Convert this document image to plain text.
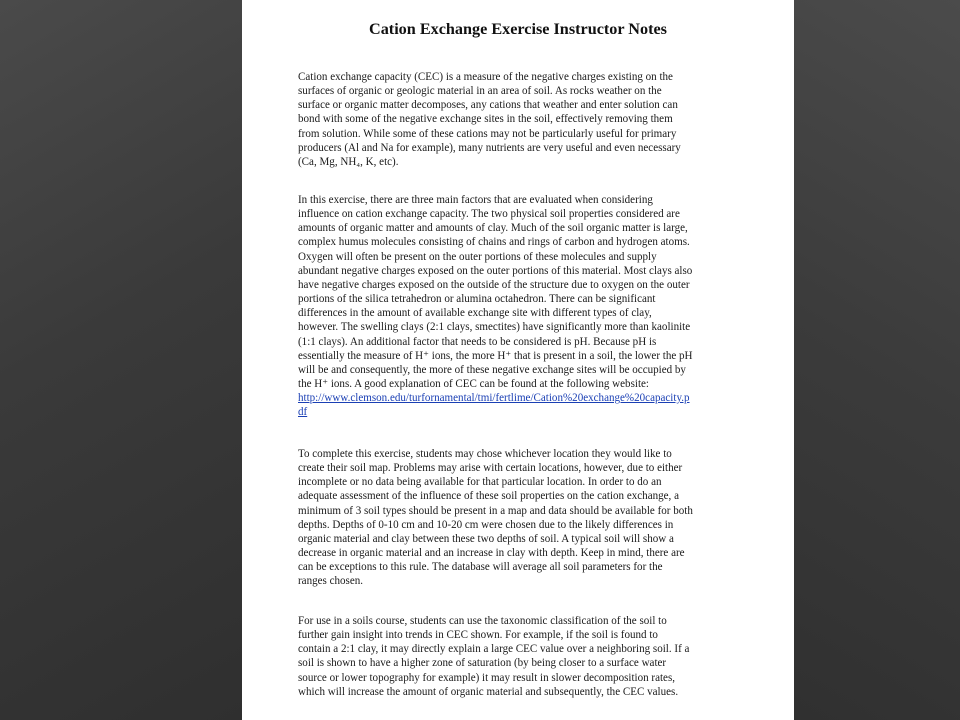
Cation Exchange Exercise Instructor Notes
Cation exchange capacity (CEC) is a measure of the negative charges existing on the
surfaces of organic or geologic material in an area of soil. As rocks weather on the
surface or organic matter decomposes, any cations that weather and enter solution can
bond with some of the negative exchange sites in the soil, effectively removing them
from solution. While some of these cations may not be particularly useful for primary
producers (Al and Na for example), many nutrients are very useful and even necessary
(Ca, Mg, NH₄, K, etc).
In this exercise, there are three main factors that are evaluated when considering
influence on cation exchange capacity. The two physical soil properties considered are
amounts of organic matter and amounts of clay. Much of the soil organic matter is large,
complex humus molecules consisting of chains and rings of carbon and hydrogen atoms.
Oxygen will often be present on the outer portions of these molecules and supply
abundant negative charges exposed on the outer portions of this material. Most clays also
have negative charges exposed on the outside of the structure due to oxygen on the outer
portions of the silica tetrahedron or alumina octahedron. There can be significant
differences in the amount of available exchange site with different types of clay,
however. The swelling clays (2:1 clays, smectites) have significantly more than kaolinite
(1:1 clays). An additional factor that needs to be considered is pH. Because pH is
essentially the measure of H⁺ ions, the more H⁺ that is present in a soil, the lower the pH
will be and consequently, the more of these negative exchange sites will be occupied by
the H⁺ ions. A good explanation of CEC can be found at the following website:
http://www.clemson.edu/turfornamental/tmi/fertlime/Cation%20exchange%20capacity.p
df
To complete this exercise, students may chose whichever location they would like to
create their soil map. Problems may arise with certain locations, however, due to either
incomplete or no data being available for that particular location. In order to do an
adequate assessment of the influence of these soil properties on the cation exchange, a
minimum of 3 soil types should be present in a map and data should be available for both
depths. Depths of 0-10 cm and 10-20 cm were chosen due to the likely differences in
organic material and clay between these two depths of soil. A typical soil will show a
decrease in organic material and an increase in clay with depth. Keep in mind, there are
can be exceptions to this rule. The database will average all soil parameters for the
ranges chosen.
For use in a soils course, students can use the taxonomic classification of the soil to
further gain insight into trends in CEC shown. For example, if the soil is found to
contain a 2:1 clay, it may directly explain a large CEC value over a neighboring soil. If a
soil is shown to have a higher zone of saturation (by being closer to a surface water
source or lower topography for example) it may result in slower decomposition rates,
which will increase the amount of organic material and subsequently, the CEC values.
